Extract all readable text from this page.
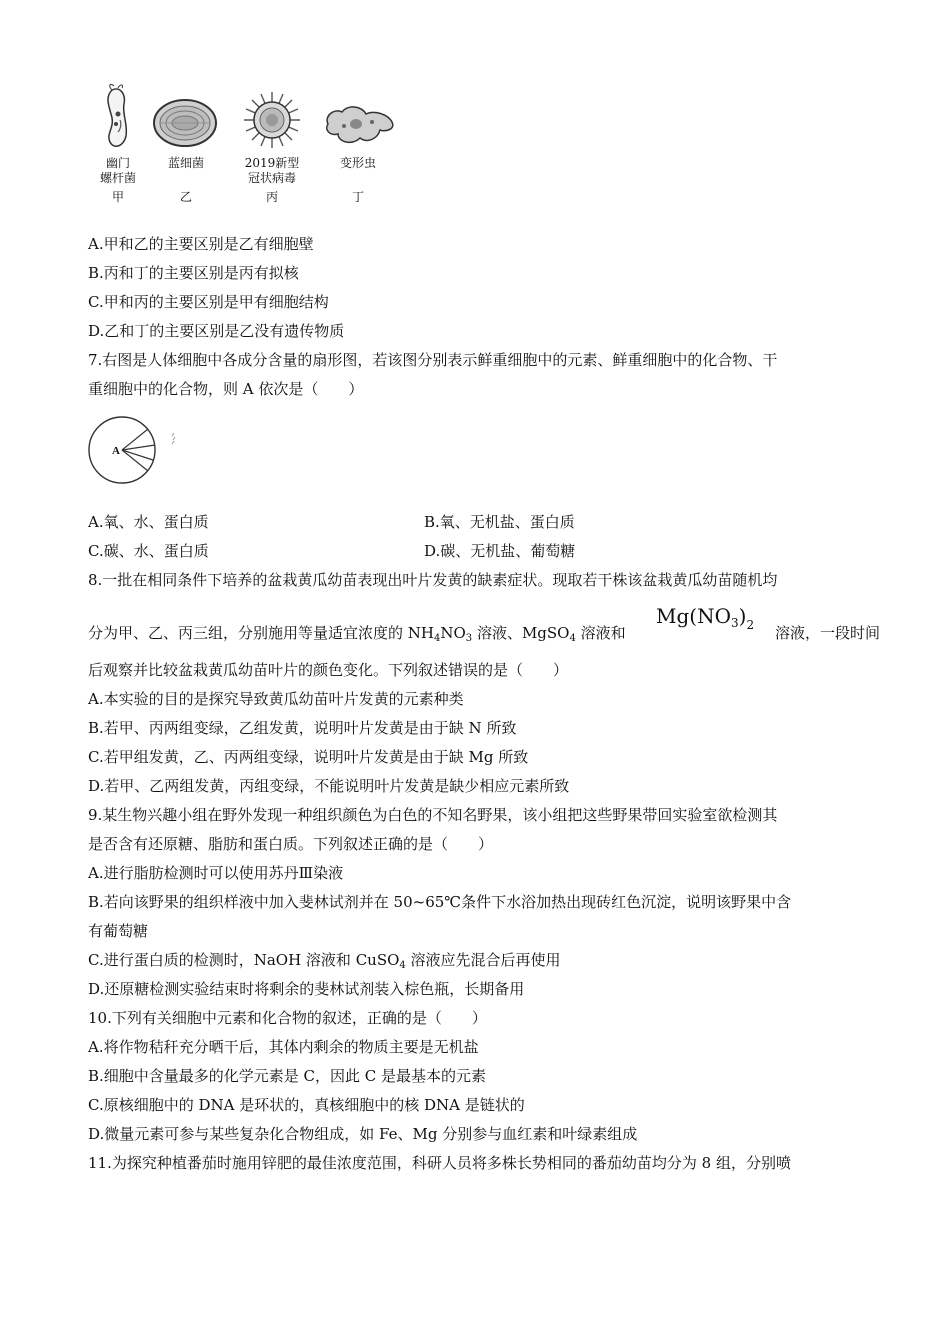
幽门
螺杆菌
甲
蓝细菌
乙
2019新型
冠状病毒
丙
变形虫
丁
A.甲和乙的主要区别是乙有细胞壁
B.丙和丁的主要区别是丙有拟核
C.甲和丙的主要区别是甲有细胞结构
D.乙和丁的主要区别是乙没有遗传物质
7.右图是人体细胞中各成分含量的扇形图，若该图分别表示鲜重细胞中的元素、鲜重细胞中的化合物、干
重细胞中的化合物，则 A 依次是（　　）
A
A.氧、水、蛋白质	B.氧、无机盐、蛋白质
C.碳、水、蛋白质	D.碳、无机盐、葡萄糖
8.一批在相同条件下培养的盆栽黄瓜幼苗表现出叶片发黄的缺素症状。现取若干株该盆栽黄瓜幼苗随机均
分为甲、乙、丙三组，分别施用等量适宜浓度的 $NH_4NO_3$ 溶液、MgSO$_4$ 溶液和
$Mg(NO_3)_2$ 溶液，一段时间
后观察并比较盆栽黄瓜幼苗叶片的颜色变化。下列叙述错误的是（　　）
A.本实验的目的是探究导致黄瓜幼苗叶片发黄的元素种类
B.若甲、丙两组变绿，乙组发黄，说明叶片发黄是由于缺 N 所致
C.若甲组发黄，乙、丙两组变绿，说明叶片发黄是由于缺 Mg 所致
D.若甲、乙两组发黄，丙组变绿，不能说明叶片发黄是缺少相应元素所致
9.某生物兴趣小组在野外发现一种组织颜色为白色的不知名野果，该小组把这些野果带回实验室欲检测其
是否含有还原糖、脂肪和蛋白质。下列叙述正确的是（　　）
A.进行脂肪检测时可以使用苏丹Ⅲ染液
B.若向该野果的组织样液中加入斐林试剂并在 50~65℃条件下水浴加热出现砖红色沉淀，说明该野果中含
有葡萄糖
C.进行蛋白质的检测时，NaOH 溶液和 CuSO$_4$ 溶液应先混合后再使用
D.还原糖检测实验结束时将剩余的斐林试剂装入棕色瓶，长期备用
10.下列有关细胞中元素和化合物的叙述，正确的是（　　）
A.将作物秸秆充分晒干后，其体内剩余的物质主要是无机盐
B.细胞中含量最多的化学元素是 C，因此 C 是最基本的元素
C.原核细胞中的 DNA 是环状的，真核细胞中的核 DNA 是链状的
D.微量元素可参与某些复杂化合物组成，如 Fe、Mg 分别参与血红素和叶绿素组成
11.为探究种植番茄时施用锌肥的最佳浓度范围，科研人员将多株长势相同的番茄幼苗均分为 8 组，分别喷
